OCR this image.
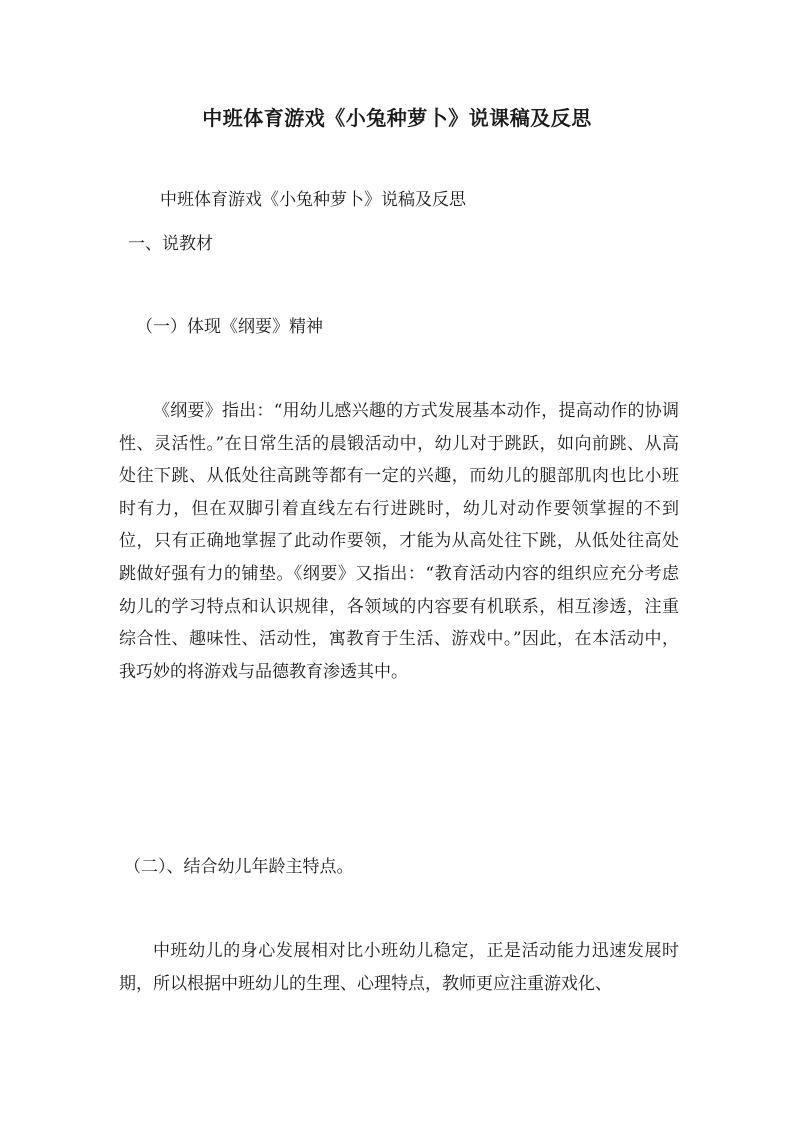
中班体育游戏《小兔种萝卜》说课稿及反思

中班体育游戏《小兔种萝卜》说稿及反思

一、说教材

（一）体现《纲要》精神

《纲要》指出：“用幼儿感兴趣的方式发展基本动作，提高动作的协调性、灵活性。”在日常生活的晨锻活动中，幼儿对于跳跃，如向前跳、从高处往下跳、从低处往高跳等都有一定的兴趣，而幼儿的腿部肌肉也比小班时有力，但在双脚引着直线左右行进跳时，幼儿对动作要领掌握的不到位，只有正确地掌握了此动作要领，才能为从高处往下跳，从低处往高处跳做好强有力的铺垫。《纲要》又指出：“教育活动内容的组织应充分考虑幼儿的学习特点和认识规律，各领域的内容要有机联系，相互渗透，注重综合性、趣味性、活动性，寓教育于生活、游戏中。”因此，在本活动中，我巧妙的将游戏与品德教育渗透其中。

（二）、结合幼儿年龄主特点。

中班幼儿的身心发展相对比小班幼儿稳定，正是活动能力迅速发展时期，所以根据中班幼儿的生理、心理特点，教师更应注重游戏化、
